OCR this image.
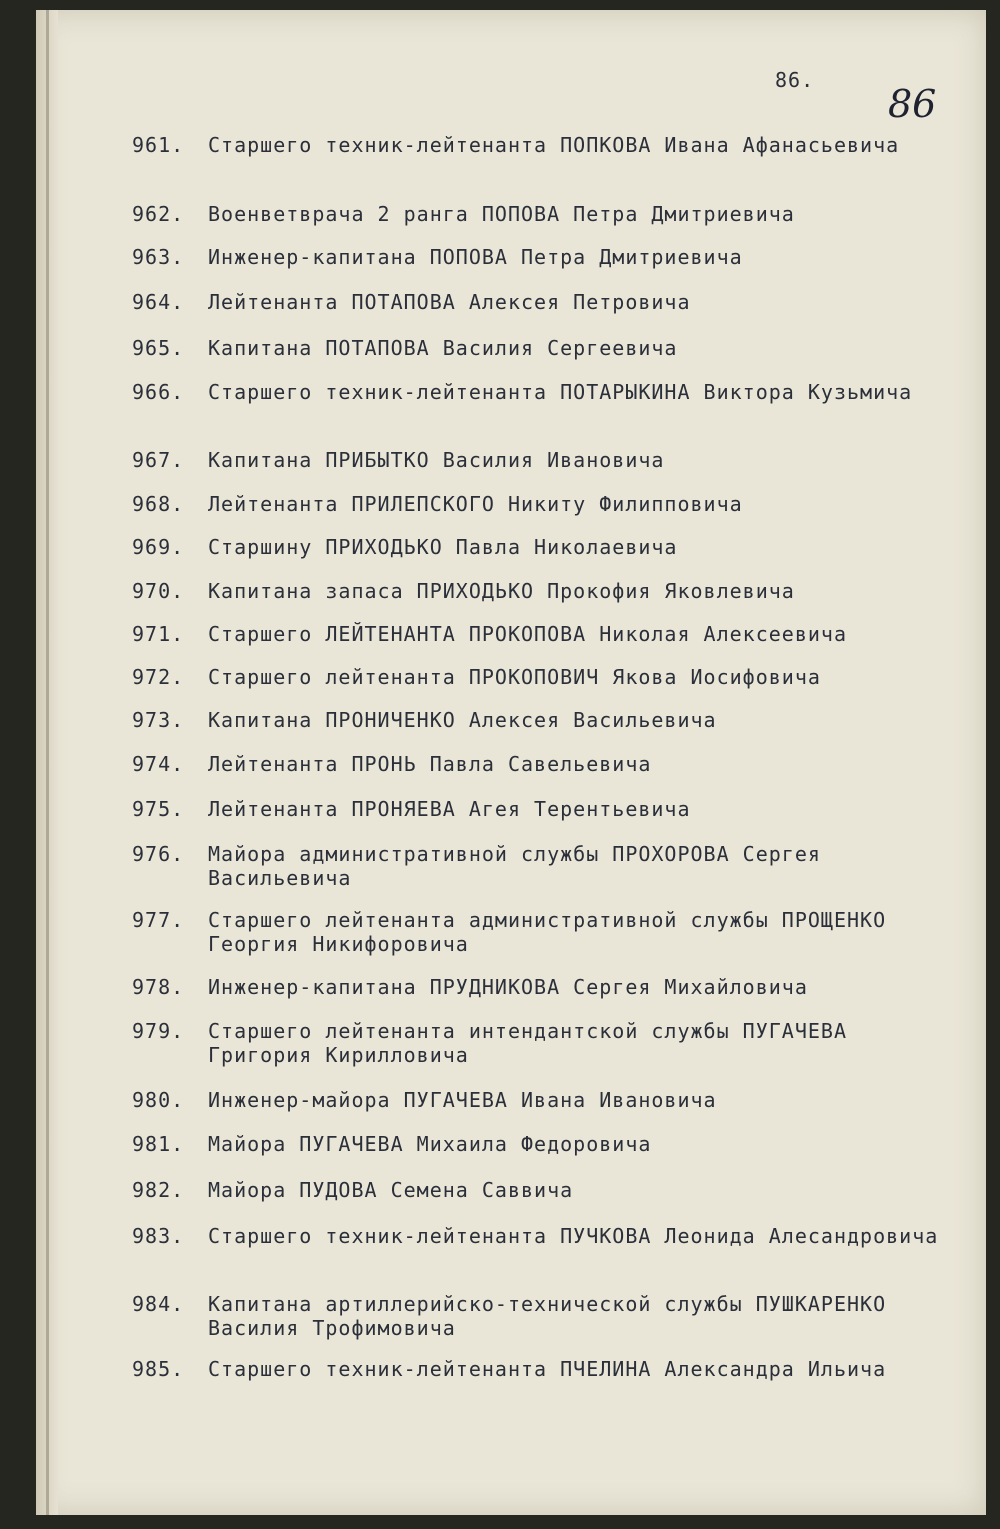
86.
86
961.	Старшего техник-лейтенанта ПОПКОВА Ивана Афанасьевича
962.	Военветврача 2 ранга ПОПОВА Петра Дмитриевича
963.	Инженер-капитана ПОПОВА Петра Дмитриевича
964.	Лейтенанта ПОТАПОВА Алексея Петровича
965.	Капитана ПОТАПОВА Василия Сергеевича
966.	Старшего техник-лейтенанта ПОТАРЫКИНА Виктора Кузьмича
967.	Капитана ПРИБЫТКО Василия Ивановича
968.	Лейтенанта ПРИЛЕПСКОГО Никиту Филипповича
969.	Старшину ПРИХОДЬКО Павла Николаевича
970.	Капитана запаса ПРИХОДЬКО Прокофия Яковлевича
971.	Старшего ЛЕЙТЕНАНТА ПРОКОПОВА Николая Алексеевича
972.	Старшего лейтенанта ПРОКОПОВИЧ Якова Иосифовича
973.	Капитана ПРОНИЧЕНКО Алексея Васильевича
974.	Лейтенанта ПРОНЬ Павла Савельевича
975.	Лейтенанта ПРОНЯЕВА Агея Терентьевича
976.	Майора административной службы ПРОХОРОВА Сергея Васильевича
977.	Старшего лейтенанта административной службы ПРОЩЕНКО Георгия Никифоровича
978.	Инженер-капитана ПРУДНИКОВА Сергея Михайловича
979.	Старшего лейтенанта интендантской службы ПУГАЧЕВА Григория Кирилловича
980.	Инженер-майора ПУГАЧЕВА Ивана Ивановича
981.	Майора ПУГАЧЕВА Михаила Федоровича
982.	Майора ПУДОВА Семена Саввича
983.	Старшего техник-лейтенанта ПУЧКОВА Леонида Алесандровича
984.	Капитана артиллерийско-технической службы ПУШКАРЕНКО Василия Трофимовича
985.	Старшего техник-лейтенанта ПЧЕЛИНА Александра Ильича
